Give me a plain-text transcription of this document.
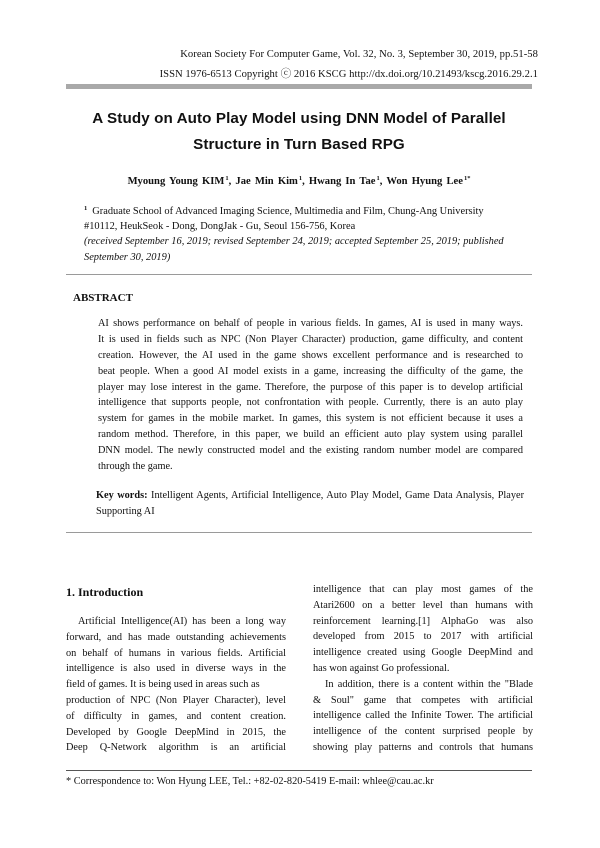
Korean Society For Computer Game, Vol. 32, No. 3, September 30, 2019, pp.51-58
ISSN 1976-6513 Copyright ⓒ 2016 KSCG http://dx.doi.org/10.21493/kscg.2016.29.2.1
A Study on Auto Play Model using DNN Model of Parallel
Structure in Turn Based RPG
Myoung Young KIM$^1$, Jae Min Kim$^1$, Hwang In Tae$^1$, Won Hyung Lee$^{1*}$
$^1$ Graduate School of Advanced Imaging Science, Multimedia and Film, Chung-Ang University
#10112, HeukSeok - Dong, DongJak - Gu, Seoul 156-756, Korea
(received September 16, 2019; revised September 24, 2019; accepted September 25, 2019; published
September 30, 2019)
ABSTRACT
AI shows performance on behalf of people in various fields. In games, AI is used in many ways.
It is used in fields such as NPC (Non Player Character) production, game difficulty, and content
creation. However, the AI used in the game shows excellent performance and is researched to
beat people. When a good AI model exists in a game, increasing the difficulty of the game, the
player may lose interest in the game. Therefore, the purpose of this paper is to develop artificial
intelligence that supports people, not confrontation with people. Currently, there is an auto play
system for games in the mobile market. In games, this system is not efficient because it uses a
random method. Therefore, in this paper, we build an efficient auto play system using parallel
DNN model. The newly constructed model and the existing random number model are compared
through the game.
Key words: Intelligent Agents, Artificial Intelligence, Auto Play Model, Game Data Analysis, Player
Supporting AI
1. Introduction
Artificial Intelligence(AI) has been a long way
forward, and has made outstanding achievements
on behalf of humans in various fields. Artificial
intelligence is also used in diverse ways in the
field of games. It is being used in areas such as
production of NPC (Non Player Character), level
of difficulty in games, and content creation.
Developed by Google DeepMind in 2015, the
Deep Q-Network algorithm is an artificial
intelligence that can play most games of the
Atari2600 on a better level than humans with
reinforcement learning.[1] AlphaGo was also
developed from 2015 to 2017 with artificial
intelligence created using Google DeepMind and
has won against Go professional.
In addition, there is a content within the "Blade
& Soul" game that competes with artificial
intelligence called the Infinite Tower. The artificial
intelligence of the content surprised people by
showing play patterns and controls that humans
* Correspondence to: Won Hyung LEE, Tel.: +82-02-820-5419 E-mail: whlee@cau.ac.kr
